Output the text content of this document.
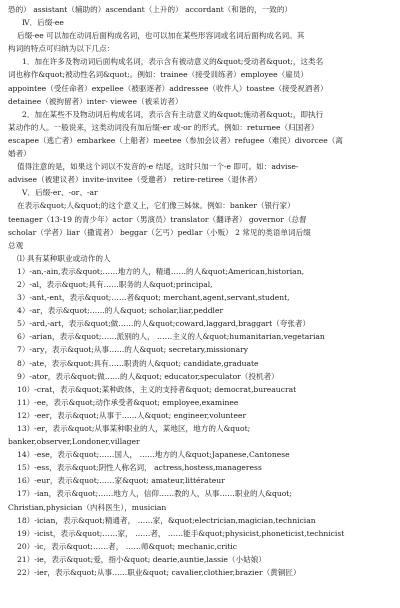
恐的） assistant（辅助的）ascendant（上升的） accordant（和谐的，一致的）
Ⅳ．后缀-ee
后缀-ee 可以加在动词后面构成名词，也可以加在某些形容词或名词后面构成名词。其
构词的特点可归纳为以下几点：
1．加在许多及物动词后面构成名词，表示含有被动意义的&quot;受动者&quot;，这类名
词也称作&quot;被动性名词&quot;。例如：trainee（接受训练者）employee（雇员）
appointee（受任命者）expellee（被驱逐者）addressee（收件人）toastee（接受祝酒者）
detainee（被拘留者）inter- viewee（被采访者）
2．加在某些不及物动词后构成名词，表示含有主动意义的&quot;施动者&quot;，即执行
某动作的人。一般说来，这类动词没有加后缀-er 或-or 的形式。例如：returnee（归国者）
escapee（逃亡者）embarkee（上船者）meetee（参加会议者）refugee（难民）divorcee（离
婚者）
值得注意的是，如果这个词以不发音的-e 结尾，这时只加一个-e 即可。如：advise-
advisee（被建议者）invite-invitee（受邀者） retire-retiree（退休者）
Ⅴ．后缀-er、-or、-ar
在表示&quot;人&quot;的这个意义上，它们像三姊妹。例如：banker（银行家）
teenager（13-19 的青少年）actor（男演员）translator（翻译者） governor（总督
scholar（学者）liar（撒谎者） beggar（乞丐）pedlar（小贩） 2 常见的类语单词后缀
总观
⑴ 具有某种职业或动作的人
1）-an,-ain,表示&quot;……地方的人，精通……的人&quot;American,historian,
2）-al，表示&quot;具有……职务的人&quot;principal,
3）-ant,-ent，表示&quot;……者&quot; merchant,agent,servant,student,
4）-ar，表示&quot;……的人&quot; scholar,liar,peddler
5）-ard,-art，表示&quot;做……的人&quot;coward,laggard,braggart（夸张者）
6）-arian，表示&quot;……派别的人， ……主义的人&quot;humanitarian,vegetarian
7）-ary，表示&quot;从事……的人&quot; secretary,missionary
8）-ate，表示&quot;具有……职责的人&quot; candidate,graduate
9）-ator，表示&quot;做……的人&quot; educator,speculator（投机者）
10）-crat，表示&quot;某种政体，主义的支持者&quot; democrat,bureaucrat
11）-ee，表示&quot;动作承受者&quot; employee,examinee
12）-eer，表示&quot;从事于……人&quot; engineer,volunteer
13）-er，表示&quot;从事某种职业的人，某地区，地方的人&quot;
banker,observer,Londoner,villager
14）-ese，表示&quot;……国人， ……地方的人&quot;Japanese,Cantonese
15）-ess，表示&quot;阴性人称名词， actress,hostess,manageress
16）-eur，表示&quot;……家&quot; amateur,littérateur
17）-ian，表示&quot;……地方人，信仰……教的人，从事……职业的人&quot;
Christian,physician（内科医生），musician
18）-ician，表示&quot;精通者， ……家，&quot;electrician,magician,technician
19）-icist，表示&quot;……家， ……者， ……能手&quot;physicist,phoneticist,technicist
20）-ic，表示&quot;……者， ……师&quot; mechanic,critic
21）-ie，表示&quot;爱，指小&quot; dearie,auntie,lassie（小姑娘）
22）-ier，表示&quot;从事……职业&quot; cavalier,clothier,brazier（黄铜匠）
